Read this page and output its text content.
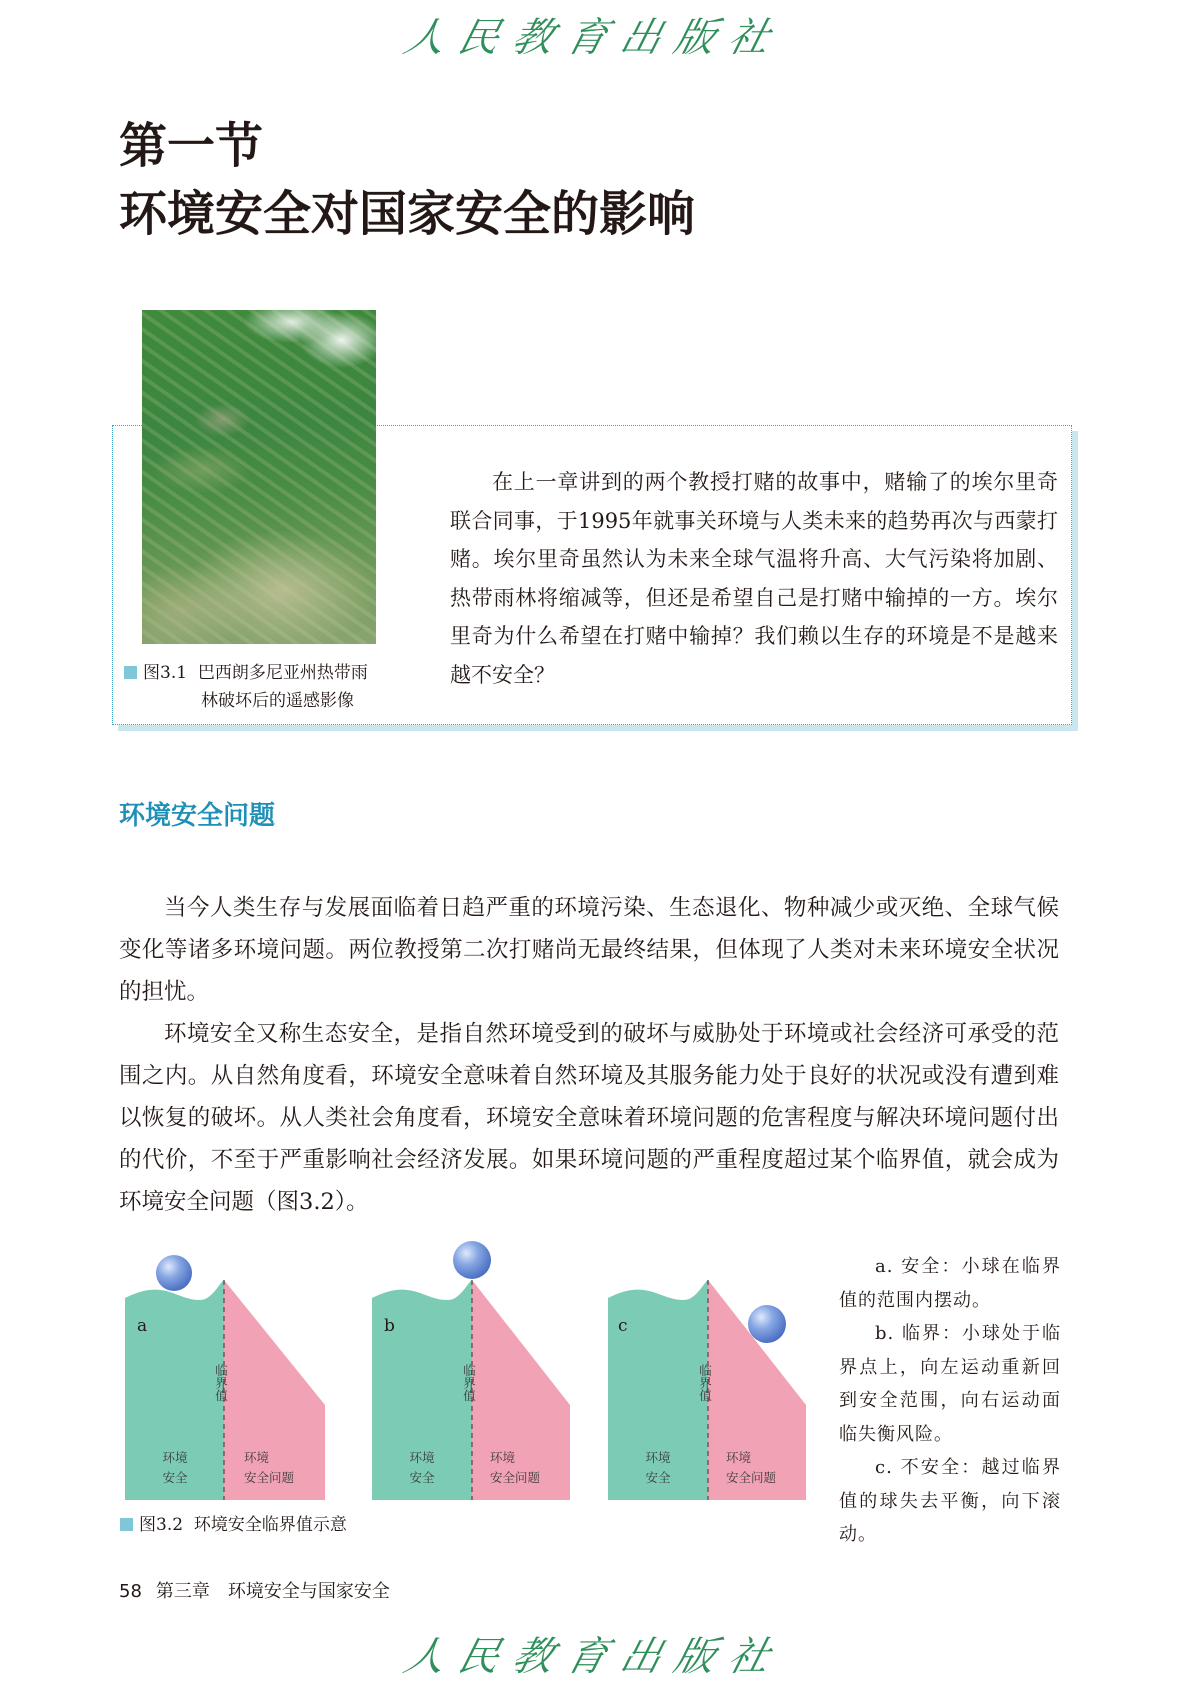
人民教育出版社
第一节
环境安全对国家安全的影响

在上一章讲到的两个教授打赌的故事中，赌输了的埃尔里奇联合同事，于1995年就事关环境与人类未来的趋势再次与西蒙打赌。埃尔里奇虽然认为未来全球气温将升高、大气污染将加剧、热带雨林将缩减等，但还是希望自己是打赌中输掉的一方。埃尔里奇为什么希望在打赌中输掉？我们赖以生存的环境是不是越来越不安全？

图3.1 巴西朗多尼亚州热带雨
林破坏后的遥感影像
环境安全问题

当今人类生存与发展面临着日趋严重的环境污染、生态退化、物种减少或灭绝、全球气候变化等诸多环境问题。两位教授第二次打赌尚无最终结果，但体现了人类对未来环境安全状况的担忧。

环境安全又称生态安全，是指自然环境受到的破坏与威胁处于环境或社会经济可承受的范围之内。从自然角度看，环境安全意味着自然环境及其服务能力处于良好的状况或没有遭到难以恢复的破坏。从人类社会角度看，环境安全意味着环境问题的危害程度与解决环境问题付出的代价，不至于严重影响社会经济发展。如果环境问题的严重程度超过某个临界值，就会成为环境安全问题（图3.2）。

a
临界值
环境
安全
环境
安全问题
b
临界值
环境
安全
环境
安全问题
c
临界值
环境
安全
环境
安全问题
图3.2 环境安全临界值示意

a. 安全：小球在临界值的范围内摆动。

b. 临界：小球处于临界点上，向左运动重新回到安全范围，向右运动面临失衡风险。

c. 不安全：越过临界值的球失去平衡，向下滚动。

58 第三章　环境安全与国家安全
人民教育出版社
